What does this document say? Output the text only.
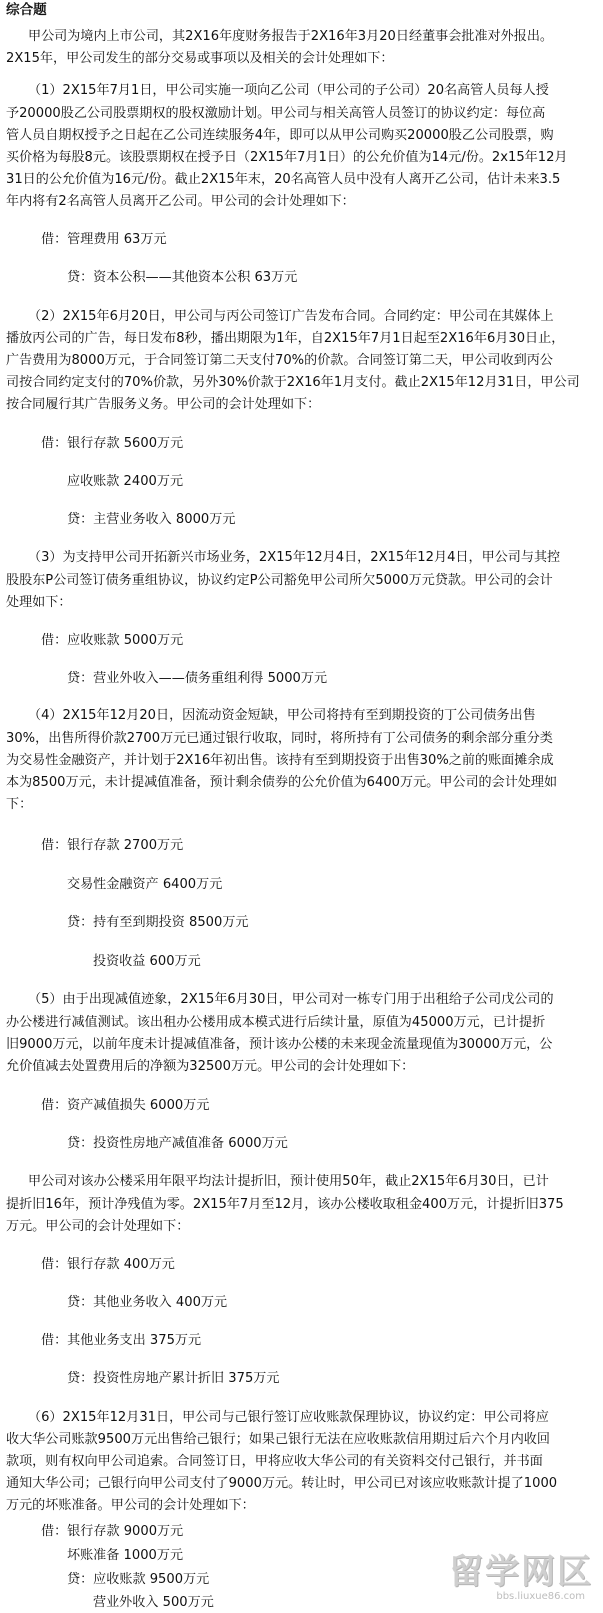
综合题
甲公司为境内上市公司，其2X16年度财务报告于2X16年3月20日经董事会批准对外报出。
2X15年，甲公司发生的部分交易或事项以及相关的会计处理如下：
（1）2X15年7月1日，甲公司实施一项向乙公司（甲公司的子公司）20名高管人员每人授
予20000股乙公司股票期权的股权激励计划。甲公司与相关高管人员签订的协议约定：每位高
管人员自期权授予之日起在乙公司连续服务4年，即可以从甲公司购买20000股乙公司股票，购
买价格为每股8元。该股票期权在授予日（2X15年7月1日）的公允价值为14元/份。2x15年12月
31日的公允价值为16元/份。截止2X15年末，20名高管人员中没有人离开乙公司，估计未来3.5
年内将有2名高管人员离开乙公司。甲公司的会计处理如下：
借：管理费用 63万元
贷：资本公积——其他资本公积 63万元
（2）2X15年6月20日，甲公司与丙公司签订广告发布合同。合同约定：甲公司在其媒体上
播放丙公司的广告，每日发布8秒，播出期限为1年，自2X15年7月1日起至2X16年6月30日止，
广告费用为8000万元，于合同签订第二天支付70%的价款。合同签订第二天，甲公司收到丙公
司按合同约定支付的70%价款，另外30%价款于2X16年1月支付。截止2X15年12月31日，甲公司
按合同履行其广告服务义务。甲公司的会计处理如下：
借：银行存款 5600万元
应收账款 2400万元
贷：主营业务收入 8000万元
（3）为支持甲公司开拓新兴市场业务，2X15年12月4日，2X15年12月4日，甲公司与其控
股股东P公司签订债务重组协议，协议约定P公司豁免甲公司所欠5000万元贷款。甲公司的会计
处理如下：
借：应收账款 5000万元
贷：营业外收入——债务重组利得 5000万元
（4）2X15年12月20日，因流动资金短缺，甲公司将持有至到期投资的丁公司债务出售
30%，出售所得价款2700万元已通过银行收取，同时，将所持有丁公司债务的剩余部分重分类
为交易性金融资产，并计划于2X16年初出售。该持有至到期投资于出售30%之前的账面摊余成
本为8500万元，未计提减值准备，预计剩余债券的公允价值为6400万元。甲公司的会计处理如
下：
借：银行存款 2700万元
交易性金融资产 6400万元
贷：持有至到期投资 8500万元
投资收益 600万元
（5）由于出现减值迹象，2X15年6月30日，甲公司对一栋专门用于出租给子公司戊公司的
办公楼进行减值测试。该出租办公楼用成本模式进行后续计量，原值为45000万元，已计提折
旧9000万元，以前年度未计提减值准备，预计该办公楼的未来现金流量现值为30000万元，公
允价值减去处置费用后的净额为32500万元。甲公司的会计处理如下：
借：资产减值损失 6000万元
贷：投资性房地产减值准备 6000万元
甲公司对该办公楼采用年限平均法计提折旧，预计使用50年，截止2X15年6月30日，已计
提折旧16年，预计净残值为零。2X15年7月至12月，该办公楼收取租金400万元，计提折旧375
万元。甲公司的会计处理如下：
借：银行存款 400万元
贷：其他业务收入 400万元
借：其他业务支出 375万元
贷：投资性房地产累计折旧 375万元
（6）2X15年12月31日，甲公司与己银行签订应收账款保理协议，协议约定：甲公司将应
收大华公司账款9500万元出售给己银行；如果己银行无法在应收账款信用期过后六个月内收回
款项，则有权向甲公司追索。合同签订日，甲将应收大华公司的有关资料交付己银行，并书面
通知大华公司；己银行向甲公司支付了9000万元。转让时，甲公司已对该应收账款计提了1000
万元的坏账准备。甲公司的会计处理如下：
借：银行存款 9000万元
坏账准备 1000万元
贷：应收账款 9500万元
营业外收入 500万元
留学网区
bbs.liuxue86.com
